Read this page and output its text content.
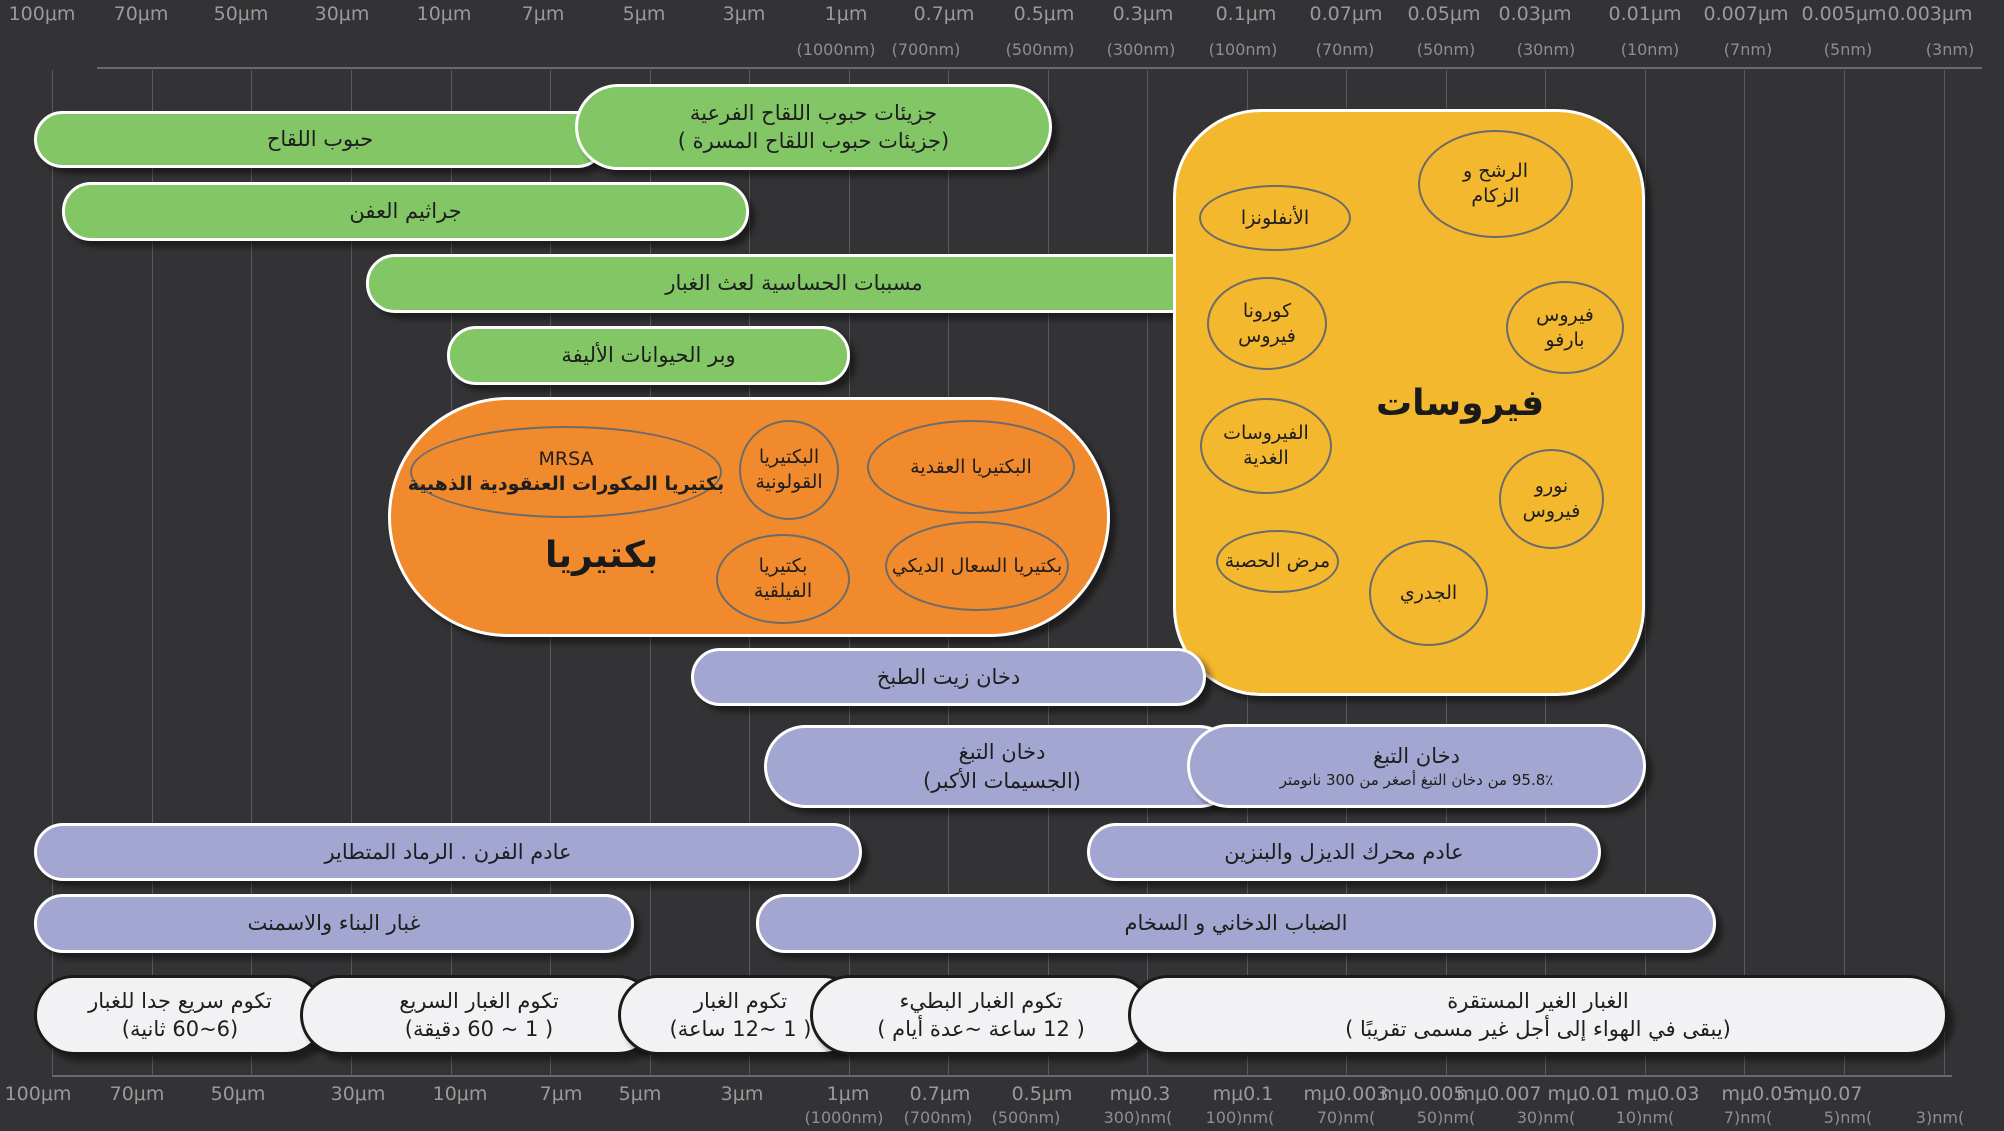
100μm	70μm	50μm	30μm	10μm	7μm	5μm	3μm	1μm	0.7μm	0.5μm	0.3μm	0.1μm	0.07μm	0.05μm 0.03μm	0.01μm	0.007μm 0.005μm 0.003μm
(1000nm)	(700nm)	(500nm)	(300nm)	(100nm)	(70nm)	(50nm)	(30nm)	(10nm)	(7nm)	(5nm)	(3nm)
100μm	70μm	50μm	30μm	10μm	7μm	5μm	3μm	1μm	0.7μm	0.5μm	mμ0.3	mμ0.1	mμ0.003
mμ0.005
mμ0.007 mμ0.01 mμ0.03	mμ0.05
mμ0.07
(1000nm)	(700nm)	(500nm)	300)nm(	100)nm(	70)nm(	50)nm(	30)nm(	10)nm(	7)nm(	5)nm(	3)nm(
حبوب اللقاح
جزيئات حبوب اللقاح الفرعية
(جزيئات حبوب اللقاح المسرة )
جراثيم العفن
مسببات الحساسية لعث الغبار
وبر الحيوانات الأليفة
بكتيريا
MRSA
بكتيريا المكورات العنقودية الذهبية
البكتيريا
القولونية
البكتيريا العقدية
بكتيريا
الفيلقية
بكتيريا السعال الديكي
فيروسات
الرشح و
الزكام
الأنفلونزا
كورونا
فيروس
فيروس
بارفو
الفيروسات
الغدية
نورو
فيروس
مرض الحصبة
الجدري
دخان زيت الطبخ
دخان التبغ
(الجسيمات الأكبر)
دخان التبغ
95.8٪ من دخان التبغ أصغر من 300 نانومتر
عادم الفرن . الرماد المتطاير	عادم محرك الديزل والبنزين
غبار البناء والاسمنت	الضباب الدخاني و السخام
تكوم سريع جدا للغبار
(6~60 ثانية)
تكوم الغبار السريع
( 1 ~ 60 دقيقة)
تكوم الغبار
( 1 ~12 ساعة)
تكوم الغبار البطيء
( 12 ساعة ~عدة أيام )
الغبار الغير المستقرة
(يبقى في الهواء إلى أجل غير مسمى تقريبًا )
